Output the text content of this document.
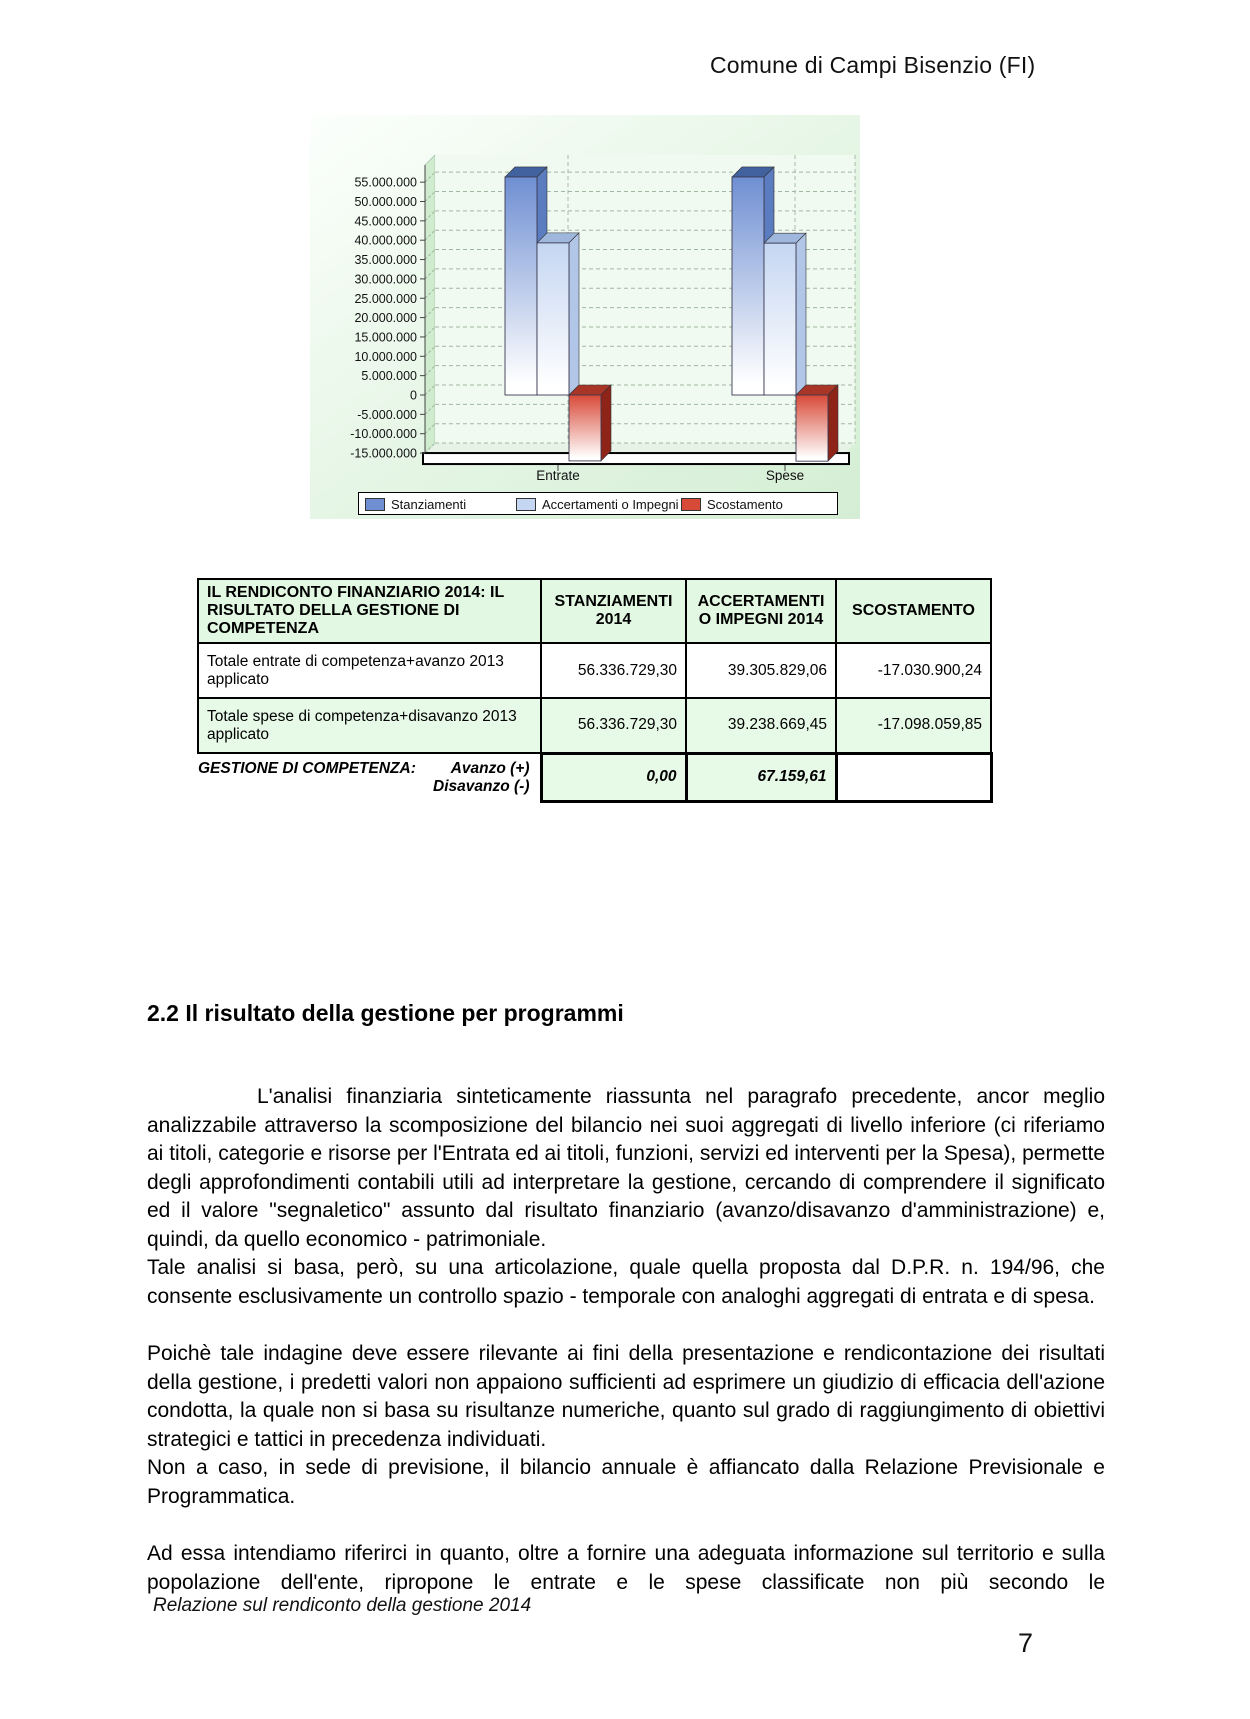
Comune di Campi Bisenzio (FI)
55.000.000
50.000.000
45.000.000
40.000.000
35.000.000
30.000.000
25.000.000
20.000.000
15.000.000
10.000.000
5.000.000
0
-5.000.000
-10.000.000
-15.000.000
Entrate	Spese
Stanziamenti	Accertamenti o Impegni Scostamento
IL RENDICONTO FINANZIARIO 2014: IL RISULTATO DELLA GESTIONE DI COMPETENZA	STANZIAMENTI 2014	ACCERTAMENTI O IMPEGNI 2014	SCOSTAMENTO
Totale entrate di competenza+avanzo 2013 applicato	56.336.729,30	39.305.829,06	-17.030.900,24
Totale spese di competenza+disavanzo 2013 applicato	56.336.729,30	39.238.669,45	-17.098.059,85

GESTIONE DI COMPETENZA: Avanzo (+)
Disavanzo (-)	0,00	67.159,61	
2.2 Il risultato della gestione per programmi

L'analisi finanziaria sinteticamente riassunta nel paragrafo precedente, ancor meglio analizzabile attraverso la scomposizione del bilancio nei suoi aggregati di livello inferiore (ci riferiamo ai titoli, categorie e risorse per l'Entrata ed ai titoli, funzioni, servizi ed interventi per la Spesa), permette degli approfondimenti contabili utili ad interpretare la gestione, cercando di comprendere il significato ed il valore "segnaletico" assunto dal risultato finanziario (avanzo/disavanzo d'amministrazione) e, quindi, da quello economico - patrimoniale.

Tale analisi si basa, però, su una articolazione, quale quella proposta dal D.P.R. n. 194/96, che consente esclusivamente un controllo spazio - temporale con analoghi aggregati di entrata e di spesa.

Poichè tale indagine deve essere rilevante ai fini della presentazione e rendicontazione dei risultati della gestione, i predetti valori non appaiono sufficienti ad esprimere un giudizio di efficacia dell'azione condotta, la quale non si basa su risultanze numeriche, quanto sul grado di raggiungimento di obiettivi strategici e tattici in precedenza individuati.

Non a caso, in sede di previsione, il bilancio annuale è affiancato dalla Relazione Previsionale e Programmatica.

Ad essa intendiamo riferirci in quanto, oltre a fornire una adeguata informazione sul territorio e sulla popolazione dell'ente, ripropone le entrate e le spese classificate non più secondo le

Relazione sul rendiconto della gestione 2014
7
